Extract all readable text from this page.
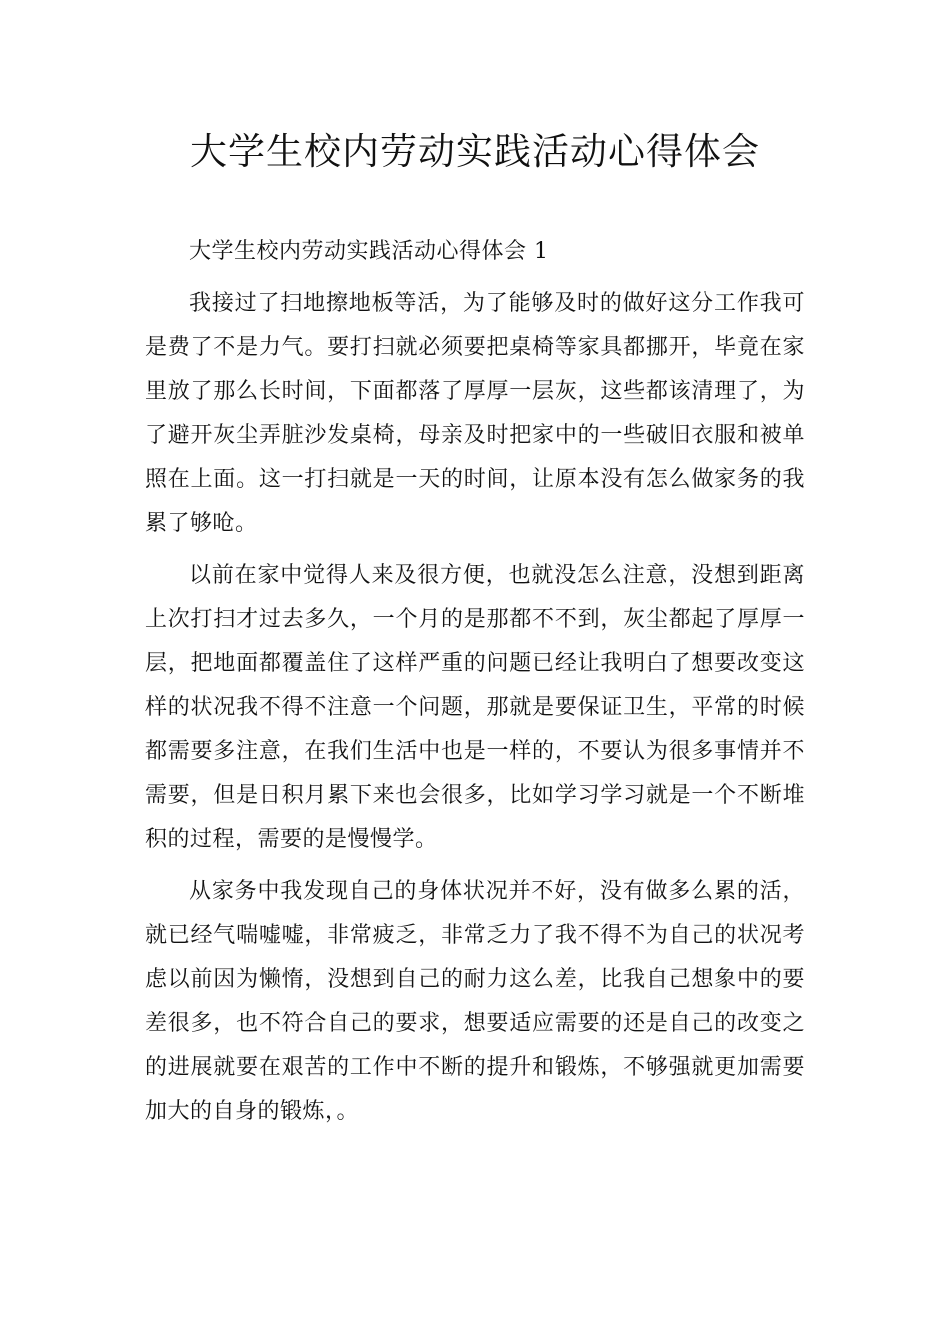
大学生校内劳动实践活动心得体会

大学生校内劳动实践活动心得体会 1

我接过了扫地擦地板等活，为了能够及时的做好这分工作我可是费了不是力气。要打扫就必须要把桌椅等家具都挪开，毕竟在家里放了那么长时间，下面都落了厚厚一层灰，这些都该清理了，为了避开灰尘弄脏沙发桌椅，母亲及时把家中的一些破旧衣服和被单照在上面。这一打扫就是一天的时间，让原本没有怎么做家务的我累了够呛。

以前在家中觉得人来及很方便，也就没怎么注意，没想到距离上次打扫才过去多久，一个月的是那都不不到，灰尘都起了厚厚一层，把地面都覆盖住了这样严重的问题已经让我明白了想要改变这样的状况我不得不注意一个问题，那就是要保证卫生，平常的时候都需要多注意，在我们生活中也是一样的，不要认为很多事情并不需要，但是日积月累下来也会很多，比如学习学习就是一个不断堆积的过程，需要的是慢慢学。

从家务中我发现自己的身体状况并不好，没有做多么累的活，就已经气喘嘘嘘，非常疲乏，非常乏力了我不得不为自己的状况考虑以前因为懒惰，没想到自己的耐力这么差，比我自己想象中的要差很多，也不符合自己的要求，想要适应需要的还是自己的改变之的进展就要在艰苦的工作中不断的提升和锻炼，不够强就更加需要加大的自身的锻炼，。
